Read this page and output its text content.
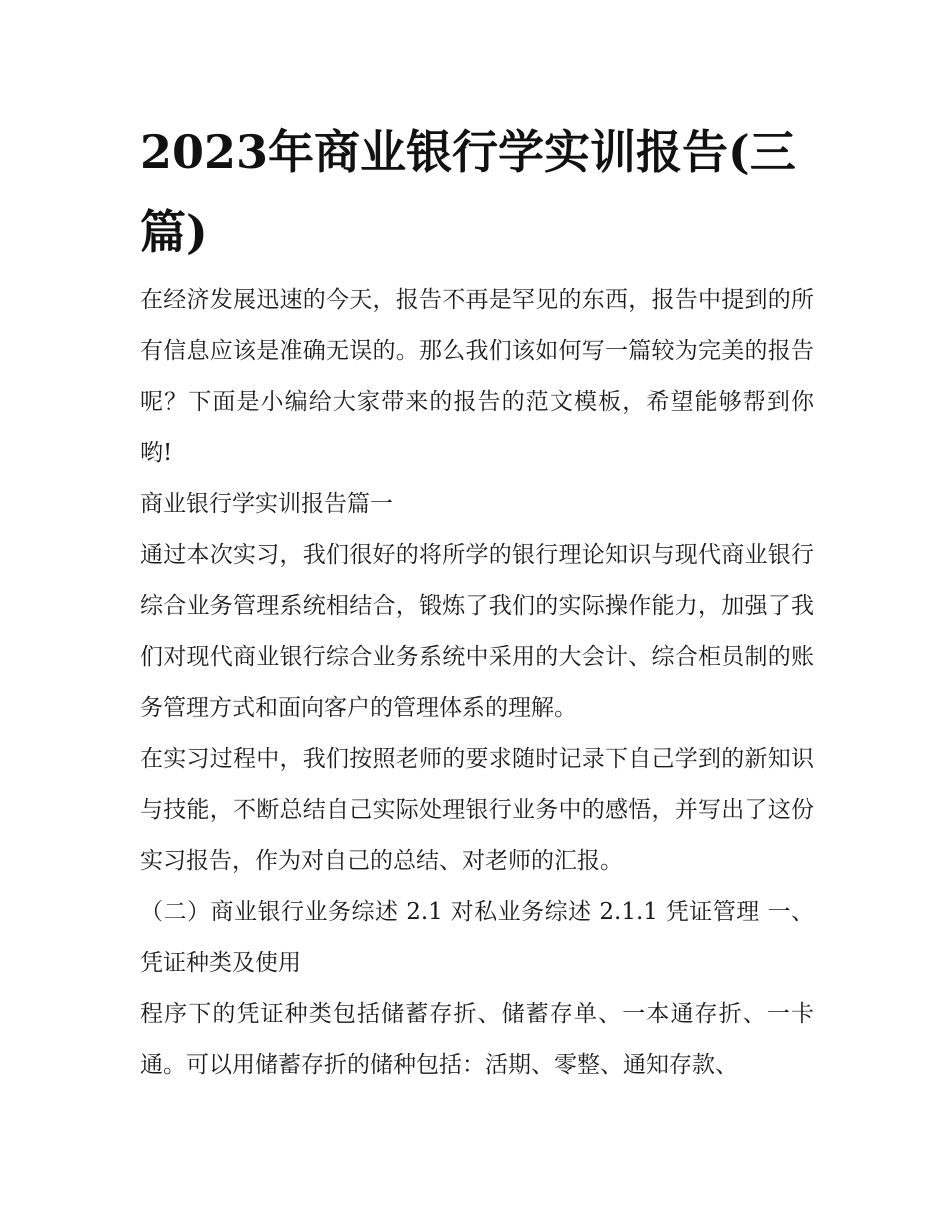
2023年商业银行学实训报告(三篇)

在经济发展迅速的今天，报告不再是罕见的东西，报告中提到的所有信息应该是准确无误的。那么我们该如何写一篇较为完美的报告呢？下面是小编给大家带来的报告的范文模板，希望能够帮到你哟!

商业银行学实训报告篇一

通过本次实习，我们很好的将所学的银行理论知识与现代商业银行综合业务管理系统相结合，锻炼了我们的实际操作能力，加强了我们对现代商业银行综合业务系统中采用的大会计、综合柜员制的账务管理方式和面向客户的管理体系的理解。

在实习过程中，我们按照老师的要求随时记录下自己学到的新知识与技能，不断总结自己实际处理银行业务中的感悟，并写出了这份实习报告，作为对自己的总结、对老师的汇报。

（二）商业银行业务综述 2.1 对私业务综述 2.1.1 凭证管理 一、凭证种类及使用

程序下的凭证种类包括储蓄存折、储蓄存单、一本通存折、一卡通。可以用储蓄存折的储种包括：活期、零整、通知存款、
